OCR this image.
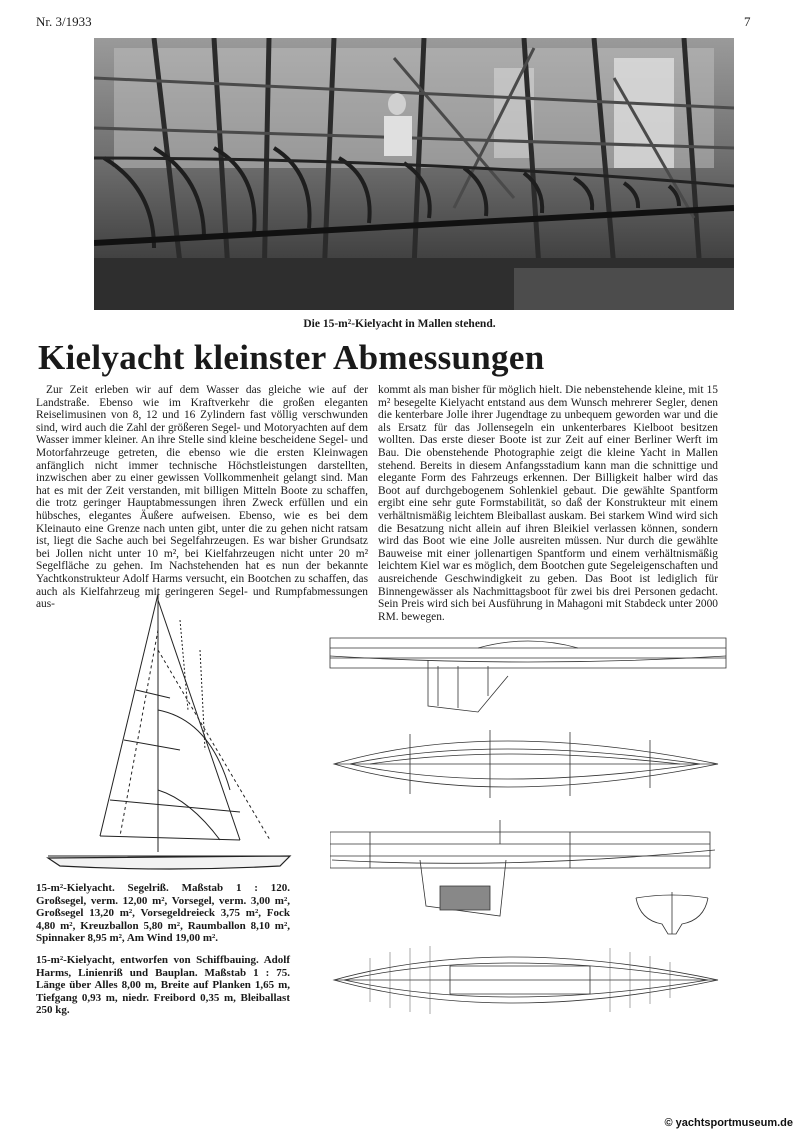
Nr. 3/1933	7
Die 15-m²-Kielyacht in Mallen stehend.
Kielyacht kleinster Abmessungen

Zur Zeit erleben wir auf dem Wasser das gleiche wie auf der Landstraße. Ebenso wie im Kraftverkehr die großen eleganten Reiselimusinen von 8, 12 und 16 Zylindern fast völlig verschwunden sind, wird auch die Zahl der größeren Segel- und Motoryachten auf dem Wasser immer kleiner. An ihre Stelle sind kleine bescheidene Segel- und Motorfahrzeuge getreten, die ebenso wie die ersten Kleinwagen anfänglich nicht immer technische Höchstleistungen darstellten, inzwischen aber zu einer gewissen Vollkommenheit gelangt sind. Man hat es mit der Zeit verstanden, mit billigen Mitteln Boote zu schaffen, die trotz geringer Hauptabmessungen ihren Zweck erfüllen und ein hübsches, elegantes Äußere aufweisen. Ebenso, wie es bei dem Kleinauto eine Grenze nach unten gibt, unter die zu gehen nicht ratsam ist, liegt die Sache auch bei Segelfahrzeugen. Es war bisher Grundsatz bei Jollen nicht unter 10 m², bei Kielfahrzeugen nicht unter 20 m² Segelfläche zu gehen. Im Nachstehenden hat es nun der bekannte Yachtkonstrukteur Adolf Harms versucht, ein Bootchen zu schaffen, das auch als Kielfahrzeug mit geringeren Segel- und Rumpfabmessungen aus-

kommt als man bisher für möglich hielt. Die nebenstehende kleine, mit 15 m² besegelte Kielyacht entstand aus dem Wunsch mehrerer Segler, denen die kenterbare Jolle ihrer Jugendtage zu unbequem geworden war und die als Ersatz für das Jollensegeln ein unkenterbares Kielboot besitzen wollten. Das erste dieser Boote ist zur Zeit auf einer Berliner Werft im Bau. Die obenstehende Photographie zeigt die kleine Yacht in Mallen stehend. Bereits in diesem Anfangsstadium kann man die schnittige und elegante Form des Fahrzeugs erkennen. Der Billigkeit halber wird das Boot auf durchgebogenem Sohlenkiel gebaut. Die gewählte Spantform ergibt eine sehr gute Formstabilität, so daß der Konstrukteur mit einem verhältnismäßig leichtem Bleiballast auskam. Bei starkem Wind wird sich die Besatzung nicht allein auf ihren Bleikiel verlassen können, sondern wird das Boot wie eine Jolle ausreiten müssen. Nur durch die gewählte Bauweise mit einer jollenartigen Spantform und einem verhältnismäßig leichtem Kiel war es möglich, dem Bootchen gute Segeleigenschaften und ausreichende Geschwindigkeit zu geben. Das Boot ist lediglich für Binnengewässer als Nachmittagsboot für zwei bis drei Personen gedacht. Sein Preis wird sich bei Ausführung in Mahagoni mit Stabdeck unter 2000 RM. bewegen.

15-m²-Kielyacht. Segelriß. Maßstab 1 : 120. Großsegel, verm. 12,00 m², Vorsegel, verm. 3,00 m², Großsegel 13,20 m², Vorsegeldreieck 3,75 m², Fock 4,80 m², Kreuzballon 5,80 m², Raumballon 8,10 m², Spinnaker 8,95 m², Am Wind 19,00 m².
15-m²-Kielyacht, entworfen von Schiffbauing. Adolf Harms, Linienriß und Bauplan. Maßstab 1 : 75. Länge über Alles 8,00 m, Breite auf Planken 1,65 m, Tiefgang 0,93 m, niedr. Freibord 0,35 m, Bleiballast 250 kg.
© yachtsportmuseum.de
